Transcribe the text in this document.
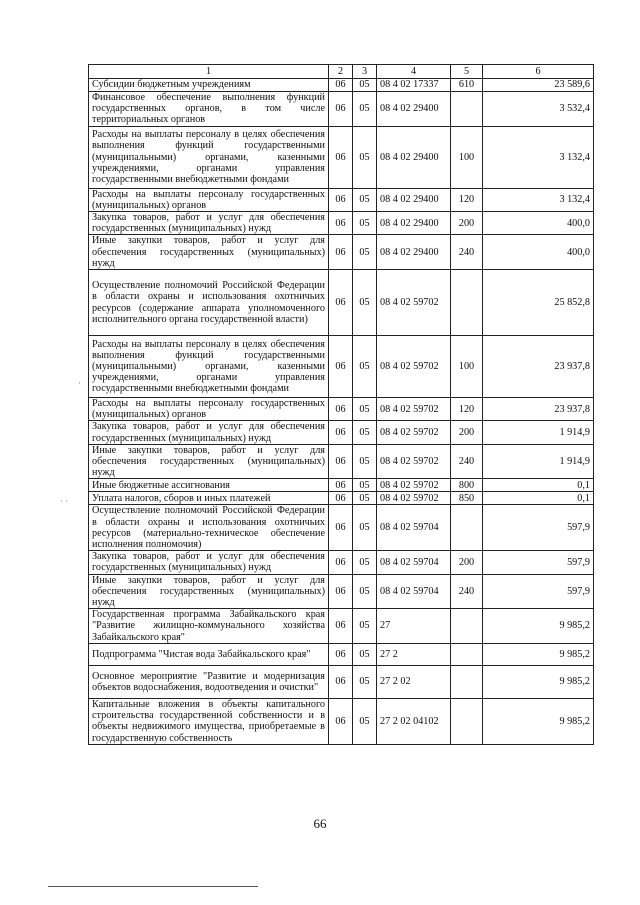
1	2	3	4	5	6
Субсидии бюджетным учреждениям	06	05	08 4 02 17337	610	23 589,6
Финансовое обеспечение выполнения функций государственных органов, в том числе территориальных органов	06	05	08 4 02 29400		3 532,4
Расходы на выплаты персоналу в целях обеспечения выполнения функций государственными (муниципальными) органами, казенными учреждениями, органами управления государственными внебюджетными фондами	06	05	08 4 02 29400	100	3 132,4
Расходы на выплаты персоналу государственных (муниципальных) органов	06	05	08 4 02 29400	120	3 132,4
Закупка товаров, работ и услуг для обеспечения государственных (муниципальных) нужд	06	05	08 4 02 29400	200	400,0
Иные закупки товаров, работ и услуг для обеспечения государственных (муниципальных) нужд	06	05	08 4 02 29400	240	400,0
Осуществление полномочий Российской Федерации в области охраны и использования охотничьих ресурсов (содержание аппарата уполномоченного исполнительного органа государственной власти)	06	05	08 4 02 59702		25 852,8
Расходы на выплаты персоналу в целях обеспечения выполнения функций государственными (муниципальными) органами, казенными учреждениями, органами управления государственными внебюджетными фондами	06	05	08 4 02 59702	100	23 937,8
Расходы на выплаты персоналу государственных (муниципальных) органов	06	05	08 4 02 59702	120	23 937,8
Закупка товаров, работ и услуг для обеспечения государственных (муниципальных) нужд	06	05	08 4 02 59702	200	1 914,9
Иные закупки товаров, работ и услуг для обеспечения государственных (муниципальных) нужд	06	05	08 4 02 59702	240	1 914,9
Иные бюджетные ассигнования	06	05	08 4 02 59702	800	0,1
Уплата налогов, сборов и иных платежей	06	05	08 4 02 59702	850	0,1
Осуществление полномочий Российской Федерации в области охраны и использования охотничьих ресурсов (материально-техническое обеспечение исполнения полномочия)	06	05	08 4 02 59704		597,9
Закупка товаров, работ и услуг для обеспечения государственных (муниципальных) нужд	06	05	08 4 02 59704	200	597,9
Иные закупки товаров, работ и услуг для обеспечения государственных (муниципальных) нужд	06	05	08 4 02 59704	240	597,9
Государственная программа Забайкальского края "Развитие жилищно-коммунального хозяйства Забайкальского края"	06	05	27		9 985,2
Подпрограмма "Чистая вода Забайкальского края"	06	05	27 2		9 985,2
Основное мероприятие "Развитие и модернизация объектов водоснабжения, водоотведения и очистки"	06	05	27 2 02		9 985,2
Капитальные вложения в объекты капитального строительства государственной собственности и в объекты недвижимого имущества, приобретаемые в государственную собственность	06	05	27 2 02 04102		9 985,2
66
·
· ·
